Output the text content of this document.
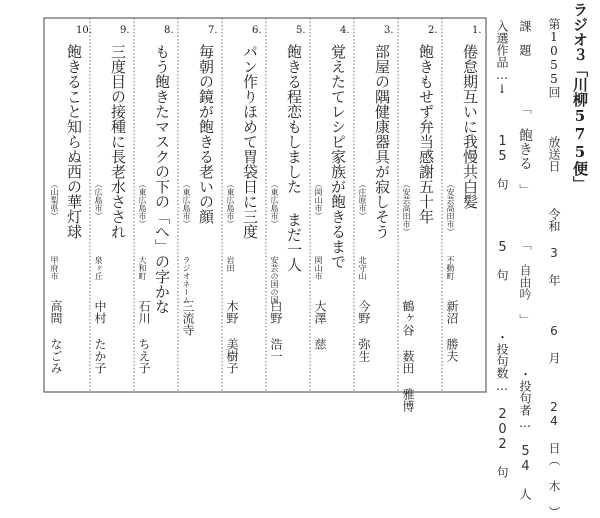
ラジオ３「川柳575便」
第1055回  放送日  令和 3 年  6 月  24 日（ 木 ）
課　題  「 飽きる 」  「 自由吟 」  ・投句者… 54 人
入選作品…↓  15 句  5 句  ・投句数… 202 句
1.
倦怠期互いに我慢共白髪
（安芸高田市）
不動町
新沼 勝夫
2.
飽きもせず弁当感謝五十年
（安芸高田市）
鶴ヶ谷 薮田 雅博
3.
部屋の隅健康器具が寂しそう
（庄原市）
北守山
今野 弥生
4.
覚えたてレシピ家族が飽きるまで
（岡山市）
岡山市
大澤 慈
5.
飽きる程恋もしました まだ一人
（東広島市）
安芸の国の国
白野 浩一
6.
パン作りほめて胃袋日に三度
（東広島市）
岩田
木野 美樹子
7.
毎朝の鏡が飽きる老いの顔
（東広島市）
ラジオネーム
三流寺
8.
もう飽きたマスクの下の「へ」の字かな
（東広島市）
大和町
石川 ちえ子
9.
三度目の接種に長老水さされ
（広島市）
泉ヶ丘
中村 たか子
10.
飽きること知らぬ西の華灯球
（山梨県）
甲府市
高間 なごみ
